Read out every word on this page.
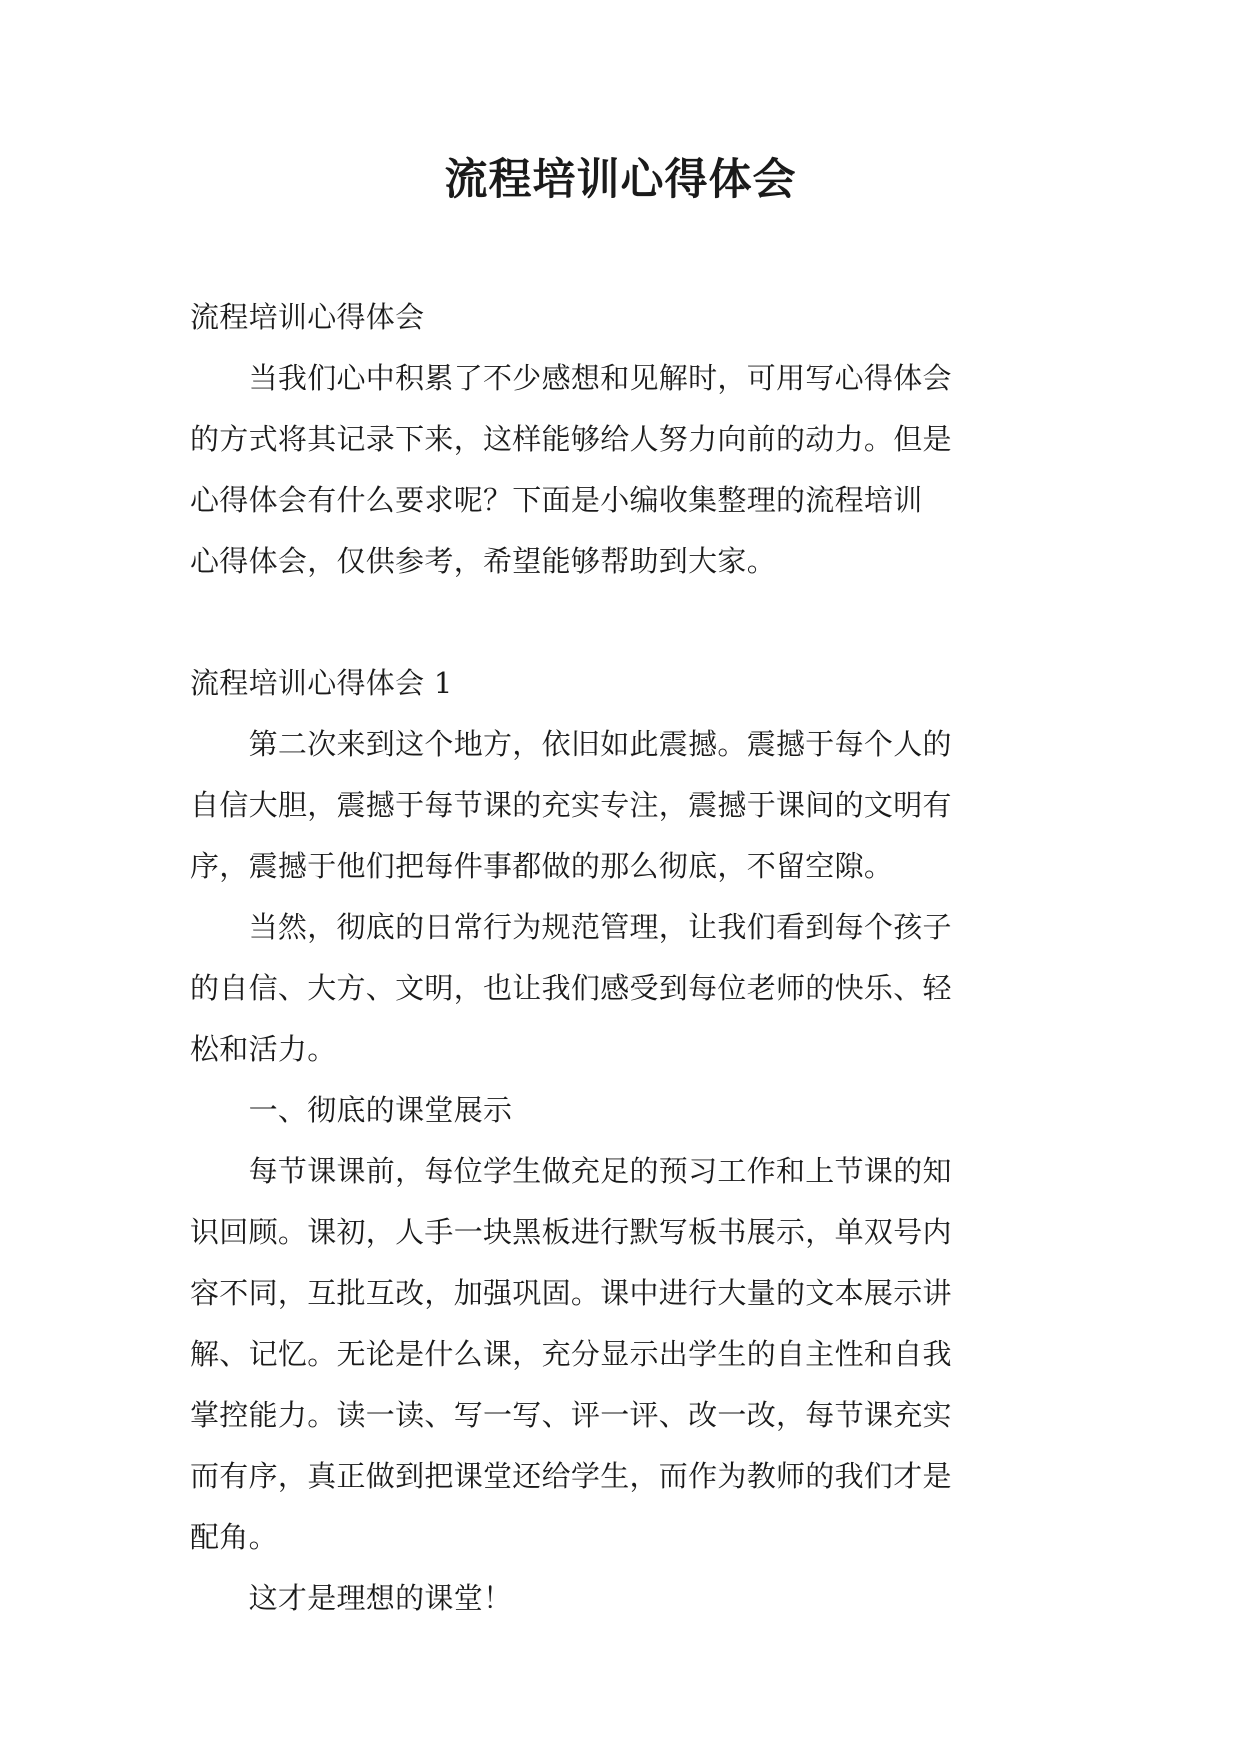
流程培训心得体会

流程培训心得体会

　　当我们心中积累了不少感想和见解时，可用写心得体会

的方式将其记录下来，这样能够给人努力向前的动力。但是

心得体会有什么要求呢？下面是小编收集整理的流程培训

心得体会，仅供参考，希望能够帮助到大家。

流程培训心得体会 1

　　第二次来到这个地方，依旧如此震撼。震撼于每个人的

自信大胆，震撼于每节课的充实专注，震撼于课间的文明有

序，震撼于他们把每件事都做的那么彻底，不留空隙。

　　当然，彻底的日常行为规范管理，让我们看到每个孩子

的自信、大方、文明，也让我们感受到每位老师的快乐、轻

松和活力。

　　一、彻底的课堂展示

　　每节课课前，每位学生做充足的预习工作和上节课的知

识回顾。课初，人手一块黑板进行默写板书展示，单双号内

容不同，互批互改，加强巩固。课中进行大量的文本展示讲

解、记忆。无论是什么课，充分显示出学生的自主性和自我

掌控能力。读一读、写一写、评一评、改一改，每节课充实

而有序，真正做到把课堂还给学生，而作为教师的我们才是

配角。

　　这才是理想的课堂！
